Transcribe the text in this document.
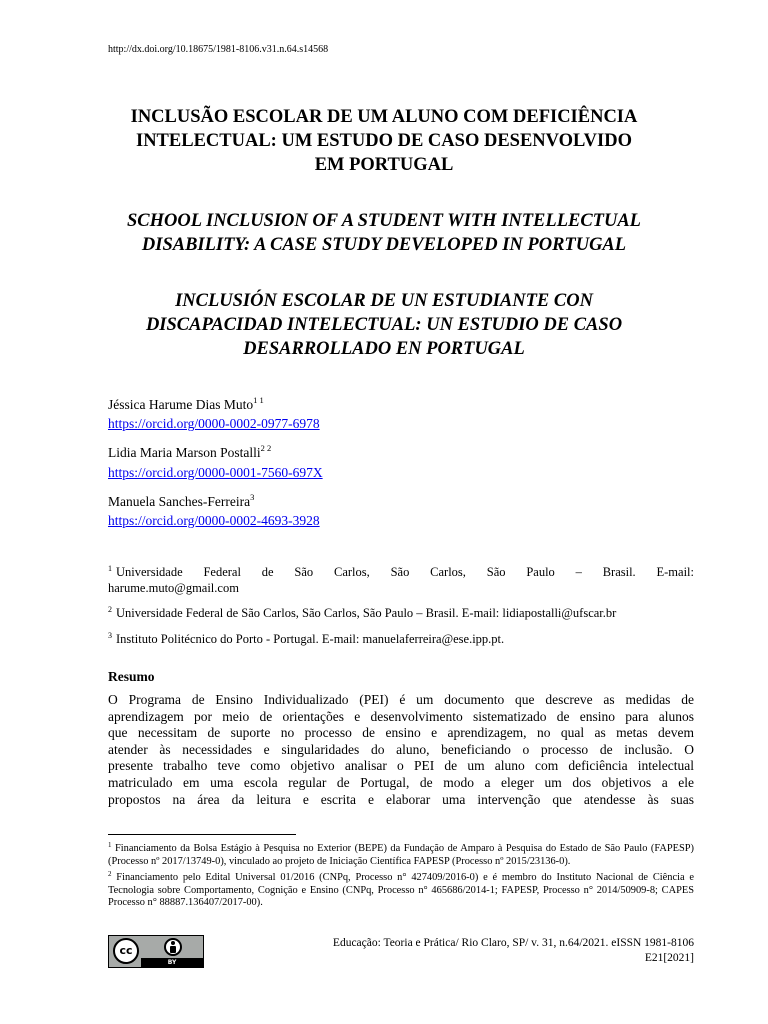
http://dx.doi.org/10.18675/1981-8106.v31.n.64.s14568
INCLUSÃO ESCOLAR DE UM ALUNO COM DEFICIÊNCIA
INTELECTUAL: UM ESTUDO DE CASO DESENVOLVIDO
EM PORTUGAL
SCHOOL INCLUSION OF A STUDENT WITH INTELLECTUAL
DISABILITY: A CASE STUDY DEVELOPED IN PORTUGAL
INCLUSIÓN ESCOLAR DE UN ESTUDIANTE CON
DISCAPACIDAD INTELECTUAL: UN ESTUDIO DE CASO
DESARROLLADO EN PORTUGAL
Jéssica Harume Dias Muto$^{1 1}$
https://orcid.org/0000-0002-0977-6978
Lidia Maria Marson Postalli$^{2 2}$
https://orcid.org/0000-0001-7560-697X
Manuela Sanches-Ferreira$^3$
https://orcid.org/0000-0002-4693-3928
$^1$ Universidade Federal de São Carlos, São Carlos, São Paulo – Brasil. E-mail:
harume.muto@gmail.com
$^2$ Universidade Federal de São Carlos, São Carlos, São Paulo – Brasil. E-mail: lidiapostalli@ufscar.br
$^3$ Instituto Politécnico do Porto - Portugal. E-mail: manuelaferreira@ese.ipp.pt.
Resumo
O Programa de Ensino Individualizado (PEI) é um documento que descreve as medidas de
aprendizagem por meio de orientações e desenvolvimento sistematizado de ensino para alunos
que necessitam de suporte no processo de ensino e aprendizagem, no qual as metas devem
atender às necessidades e singularidades do aluno, beneficiando o processo de inclusão. O
presente trabalho teve como objetivo analisar o PEI de um aluno com deficiência intelectual
matriculado em uma escola regular de Portugal, de modo a eleger um dos objetivos a ele
propostos na área da leitura e escrita e elaborar uma intervenção que atendesse às suas

$^1$ Financiamento da Bolsa Estágio à Pesquisa no Exterior (BEPE) da Fundação de Amparo à Pesquisa do Estado de São Paulo (FAPESP) (Processo nº 2017/13749-0), vinculado ao projeto de Iniciação Científica FAPESP (Processo nº 2015/23136-0).

$^2$ Financiamento pelo Edital Universal 01/2016 (CNPq, Processo n° 427409/2016-0) e é membro do Instituto Nacional de Ciência e Tecnologia sobre Comportamento, Cognição e Ensino (CNPq, Processo n° 465686/2014-1; FAPESP, Processo n° 2014/50909-8; CAPES Processo n° 88887.136407/2017-00).

cc
BY
Educação: Teoria e Prática/ Rio Claro, SP/ v. 31, n.64/2021. eISSN 1981-8106
E21[2021]
